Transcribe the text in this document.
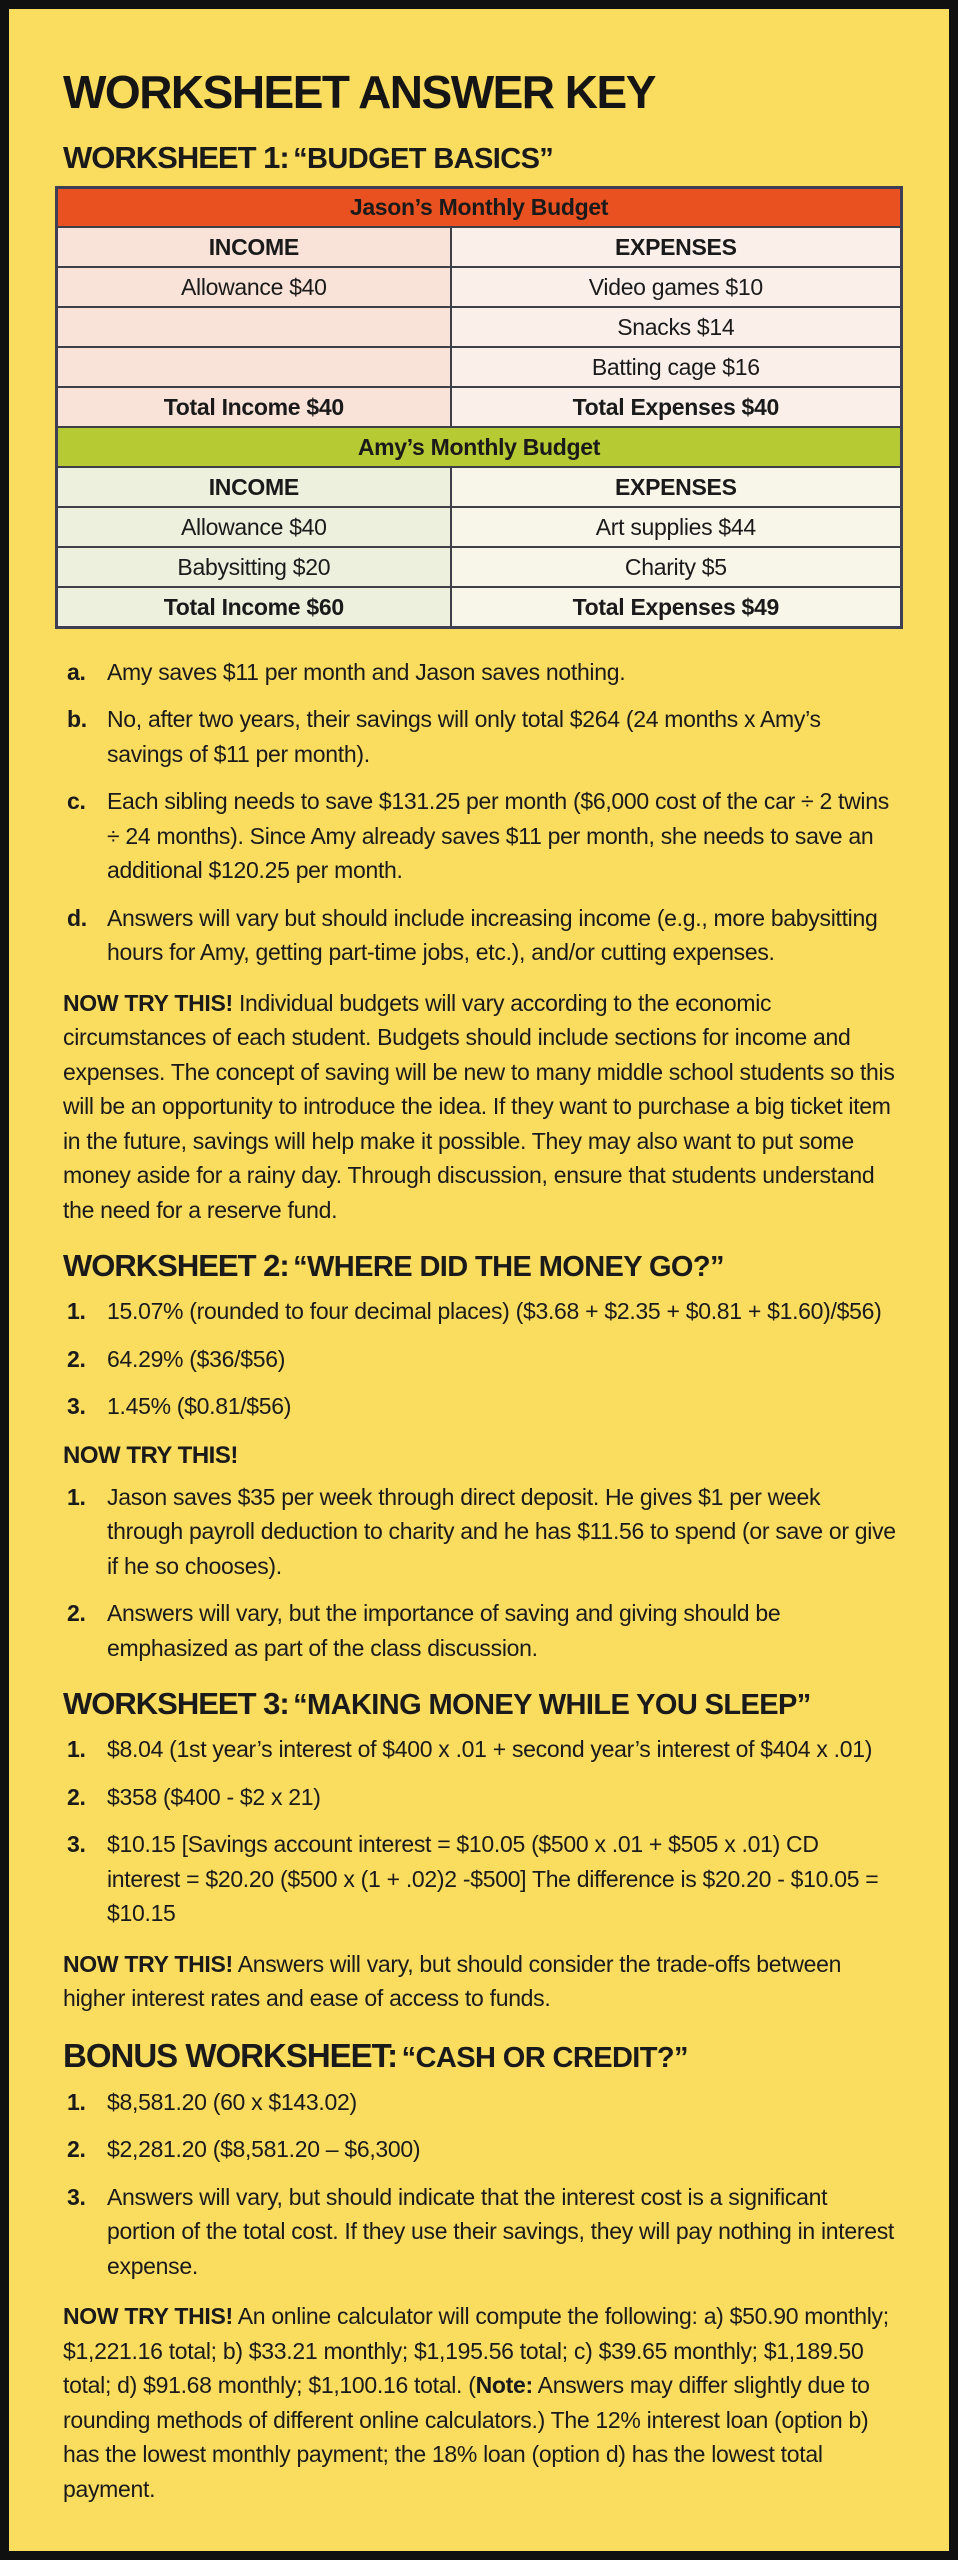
WORKSHEET ANSWER KEY
WORKSHEET 1: “BUDGET BASICS”
Jason’s Monthly Budget	
INCOME	EXPENSES
Allowance $40	Video games $10
	Snacks $14
	Batting cage $16
Total Income $40	Total Expenses $40
Amy’s Monthly Budget	
INCOME	EXPENSES
Allowance $40	Art supplies $44
Babysitting $20	Charity $5
Total Income $60	Total Expenses $49
a. Amy saves $11 per month and Jason saves nothing.
b. No, after two years, their savings will only total $264 (24 months x Amy’s savings of $11 per month).
c. Each sibling needs to save $131.25 per month ($6,000 cost of the car ÷ 2 twins ÷ 24 months). Since Amy already saves $11 per month, she needs to save an additional $120.25 per month.
d. Answers will vary but should include increasing income (e.g., more babysitting hours for Amy, getting part-time jobs, etc.), and/or cutting expenses.

NOW TRY THIS! Individual budgets will vary according to the economic circumstances of each student. Budgets should include sections for income and expenses. The concept of saving will be new to many middle school students so this will be an opportunity to introduce the idea. If they want to purchase a big ticket item in the future, savings will help make it possible. They may also want to put some money aside for a rainy day. Through discussion, ensure that students understand the need for a reserve fund.

WORKSHEET 2: “WHERE DID THE MONEY GO?”
1. 15.07% (rounded to four decimal places) ($3.68 + $2.35 + $0.81 + $1.60)/$56)
2. 64.29% ($36/$56)
3. 1.45% ($0.81/$56)
NOW TRY THIS!
1. Jason saves $35 per week through direct deposit. He gives $1 per week through payroll deduction to charity and he has $11.56 to spend (or save or give if he so chooses).
2. Answers will vary, but the importance of saving and giving should be emphasized as part of the class discussion.
WORKSHEET 3: “MAKING MONEY WHILE YOU SLEEP”
1. $8.04 (1st year’s interest of $400 x .01 + second year’s interest of $404 x .01)
2. $358 ($400 - $2 x 21)
3. $10.15 [Savings account interest = $10.05 ($500 x .01 + $505 x .01) CD interest = $20.20 ($500 x (1 + .02)2 -$500] The difference is $20.20 - $10.05 = $10.15

NOW TRY THIS! Answers will vary, but should consider the trade-offs between higher interest rates and ease of access to funds.

BONUS WORKSHEET: “CASH OR CREDIT?”
1. $8,581.20 (60 x $143.02)
2. $2,281.20 ($8,581.20 – $6,300)
3. Answers will vary, but should indicate that the interest cost is a significant portion of the total cost. If they use their savings, they will pay nothing in interest expense.

NOW TRY THIS! An online calculator will compute the following: a) $50.90 monthly; $1,221.16 total; b) $33.21 monthly; $1,195.56 total; c) $39.65 monthly; $1,189.50 total; d) $91.68 monthly; $1,100.16 total. (Note: Answers may differ slightly due to rounding methods of different online calculators.) The 12% interest loan (option b) has the lowest monthly payment; the 18% loan (option d) has the lowest total payment.
